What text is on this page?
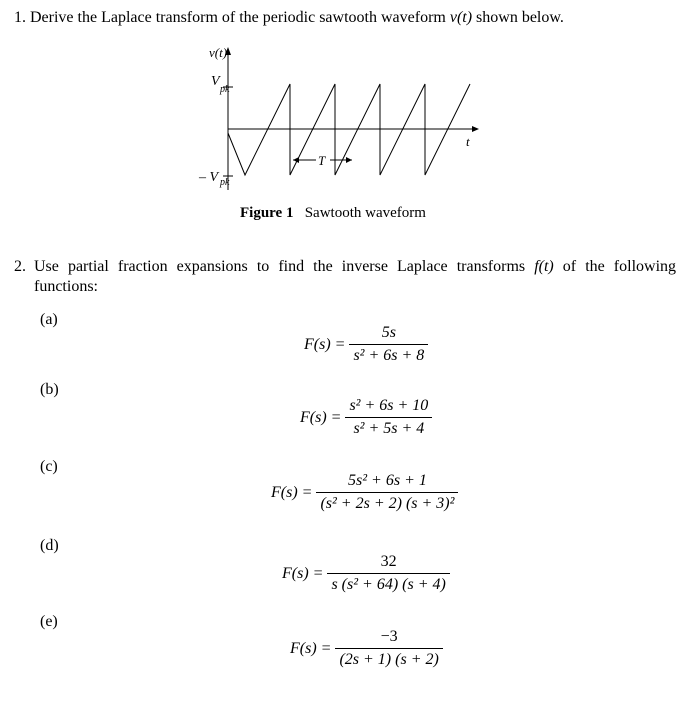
1. Derive the Laplace transform of the periodic sawtooth waveform v(t) shown below.
v(t)
V
pk
– V pk
t
T
Figure 1 Sawtooth waveform
2. Use partial fraction expansions to find the inverse Laplace transforms f(t) of the following functions:
(a)
$F(s) = \frac{5s}{\text{s² + 6s + 8}}$
(b)
$F(s) = \frac{\text{s² + 6s + 10}}{\text{s² + 5s + 4}}$
(c)
$F(s) = \frac{\text{5s² + 6s + 1}}{\text{(s² + 2s + 2) (s + 3)²}}$
(d)
$F(s) = \frac{32}{\text{s (s² + 64) (s + 4)}}$
(e)
$F(s) = \frac{-3}{(2s + 1) (s + 2)}$
